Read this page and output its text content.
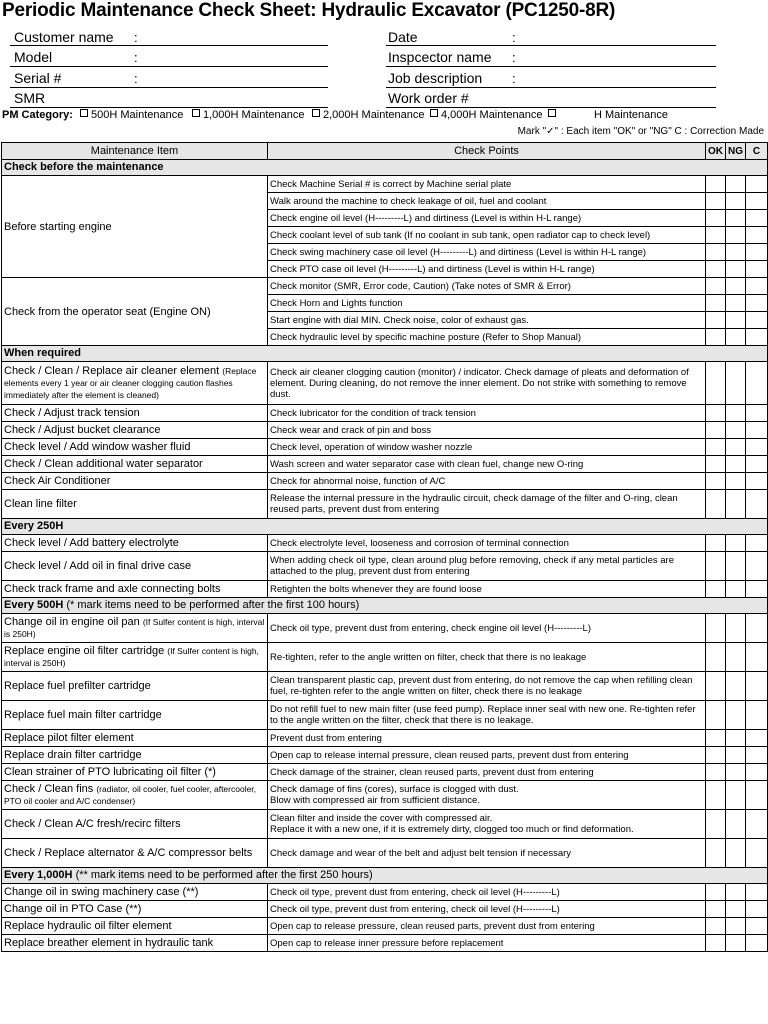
Periodic Maintenance Check Sheet: Hydraulic Excavator (PC1250-8R)
Customer name :
Model	:
Serial #	:
SMR
Date	:
Inspcector name :
Job description :
Work order #
PM Category:	500H Maintenance	1,000H Maintenance	2,000H Maintenance	4,000H Maintenance	H Maintenance
Mark "✓" : Each item "OK" or "NG" C : Correction Made
Maintenance Item	Check Points	OK	NG	C
Check before the maintenance				
Before starting engine	Check Machine Serial # is correct by Machine serial plate			
	Walk around the machine to check leakage of oil, fuel and coolant			
	Check engine oil level (H---------L) and dirtiness (Level is within H-L range)			
	Check coolant level of sub tank (If no coolant in sub tank, open radiator cap to check level)			
	Check swing machinery case oil level (H---------L) and dirtiness (Level is within H-L range)			
	Check PTO case oil level (H---------L) and dirtiness (Level is within H-L range)			
Check from the operator seat (Engine ON)	Check monitor (SMR, Error code, Caution) (Take notes of SMR & Error)			
	Check Horn and Lights function			
	Start engine with dial MIN. Check noise, color of exhaust gas.			
	Check hydraulic level by specific machine posture (Refer to Shop Manual)			
When required				
Check / Clean / Replace air cleaner element (Replace elements every 1 year or air cleaner clogging caution flashes immediately after the element is cleaned)	Check air cleaner clogging caution (monitor) / indicator. Check damage of pleats and deformation of element. During cleaning, do not remove the inner element. Do not strike with something to remove dust.			
Check / Adjust track tension	Check lubricator for the condition of track tension			
Check / Adjust bucket clearance	Check wear and crack of pin and boss			
Check level / Add window washer fluid	Check level, operation of window washer nozzle			
Check / Clean additional water separator	Wash screen and water separator case with clean fuel, change new O-ring			
Check Air Conditioner	Check for abnormal noise, function of A/C			
Clean line filter	Release the internal pressure in the hydraulic circuit, check damage of the filter and O-ring, clean reused parts, prevent dust from entering			
Every 250H				
Check level / Add battery electrolyte	Check electrolyte level, looseness and corrosion of terminal connection			
Check level / Add oil in final drive case	When adding check oil type, clean around plug before removing, check if any metal particles are attached to the plug, prevent dust from entering			
Check track frame and axle connecting bolts	Retighten the bolts whenever they are found loose			
Every 500H (* mark items need to be performed after the first 100 hours)				
Change oil in engine oil pan (If Sulfer content is high, interval is 250H)	Check oil type, prevent dust from entering, check engine oil level (H---------L)			
Replace engine oil filter cartridge (If Sulfer content is high, interval is 250H)	Re-tighten, refer to the angle written on filter, check that there is no leakage			
Replace fuel prefilter cartridge	Clean transparent plastic cap, prevent dust from entering, do not remove the cap when refilling clean fuel, re-tighten refer to the angle written on filter, check there is no leakage			
Replace fuel main filter cartridge	Do not refill fuel to new main filter (use feed pump). Replace inner seal with new one. Re-tighten refer to the angle written on the filter, check that there is no leakage.			
Replace pilot filter element	Prevent dust from entering			
Replace drain filter cartridge	Open cap to release internal pressure, clean reused parts, prevent dust from entering			
Clean strainer of PTO lubricating oil filter (*)	Check damage of the strainer, clean reused parts, prevent dust from entering			
Check / Clean fins (radiator, oil cooler, fuel cooler, aftercooler, PTO oil cooler and A/C condenser)	Check damage of fins (cores), surface is clogged with dust.
Blow with compressed air from sufficient distance.			
Check / Clean A/C fresh/recirc filters	Clean filter and inside the cover with compressed air.
Replace it with a new one, if it is extremely dirty, clogged too much or find deformation.			
Check / Replace alternator & A/C compressor belts	Check damage and wear of the belt and adjust belt tension if necessary			
Every 1,000H (** mark items need to be performed after the first 250 hours)				
Change oil in swing machinery case (**)	Check oil type, prevent dust from entering, check oil level (H---------L)			
Change oil in PTO Case (**)	Check oil type, prevent dust from entering, check oil level (H---------L)			
Replace hydraulic oil filter element	Open cap to release pressure, clean reused parts, prevent dust from entering			
Replace breather element in hydraulic tank	Open cap to release inner pressure before replacement			
